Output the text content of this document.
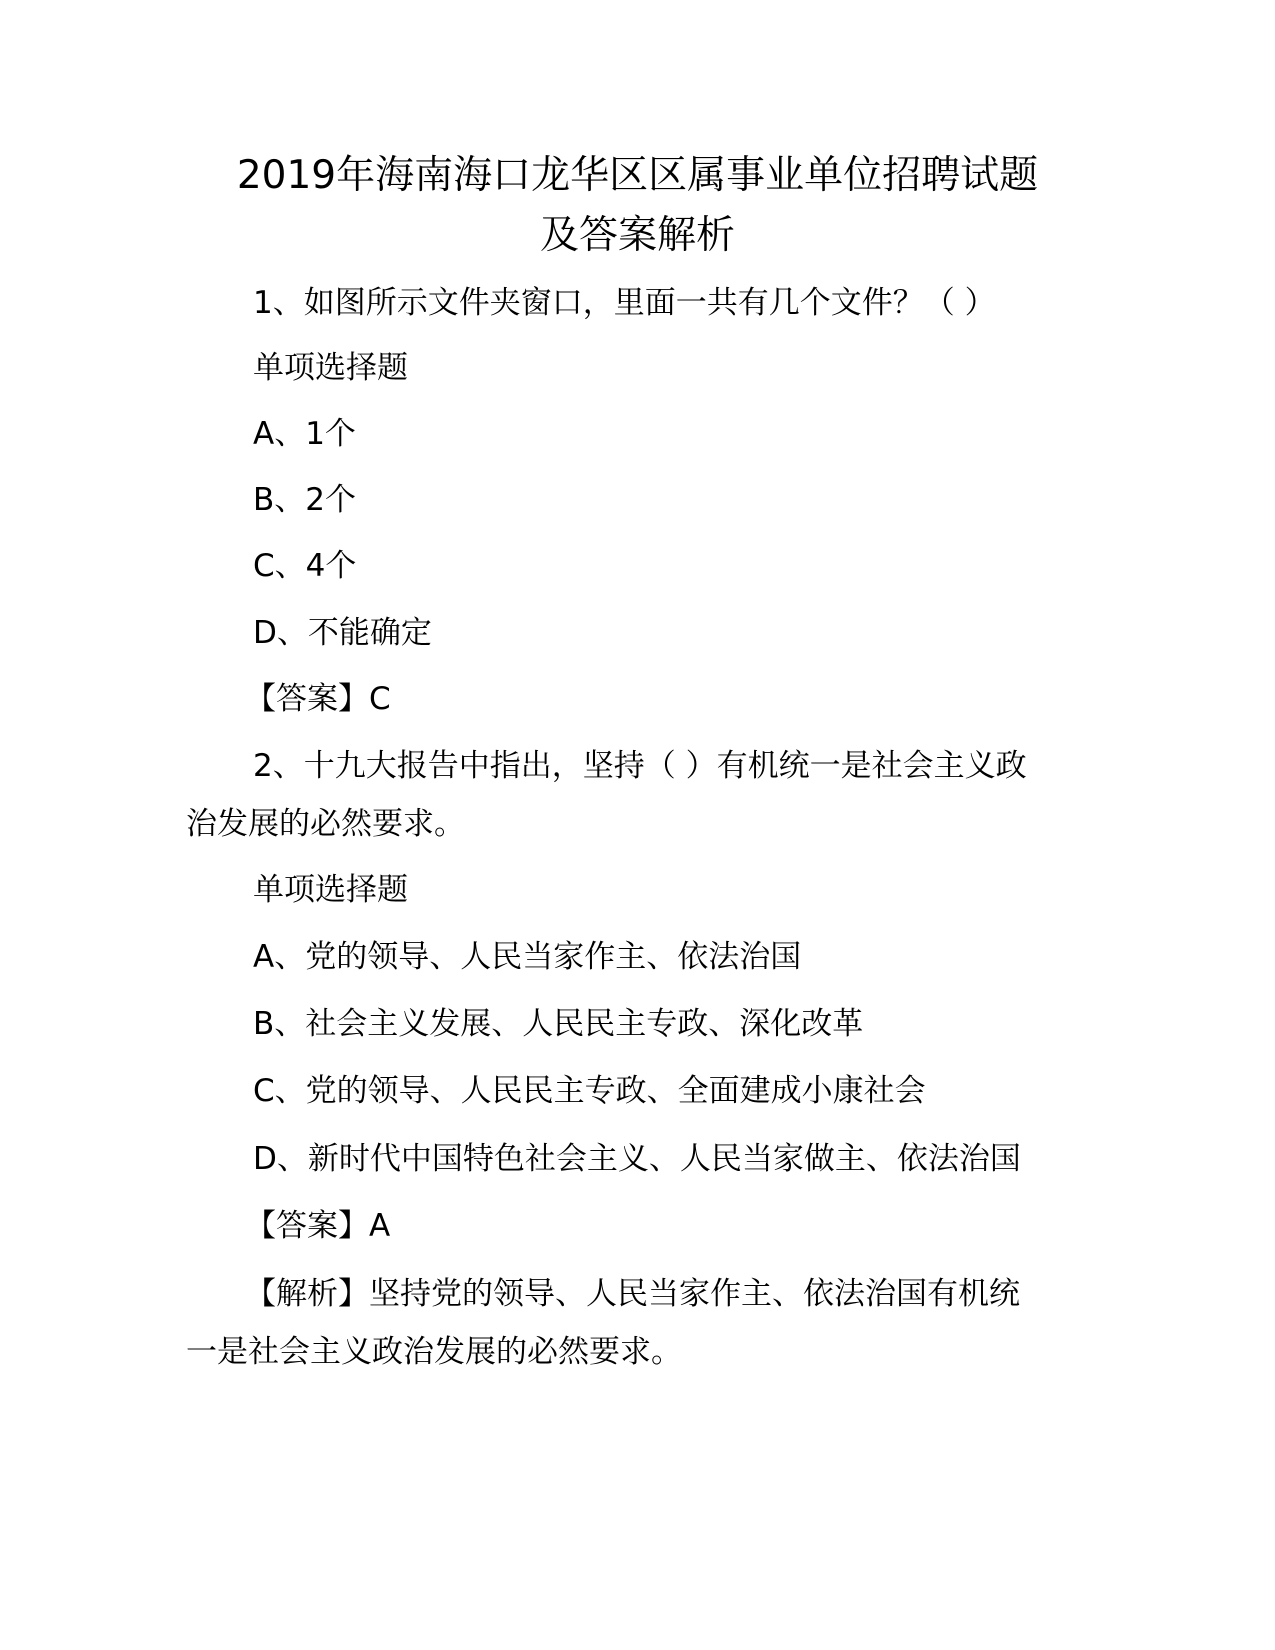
2019年海南海口龙华区区属事业单位招聘试题
及答案解析
1、如图所示文件夹窗口，里面一共有几个文件？（ ）
单项选择题
A、1个
B、2个
C、4个
D、不能确定
【答案】C
2、十九大报告中指出，坚持（ ）有机统一是社会主义政
治发展的必然要求。
单项选择题
A、党的领导、人民当家作主、依法治国
B、社会主义发展、人民民主专政、深化改革
C、党的领导、人民民主专政、全面建成小康社会
D、新时代中国特色社会主义、人民当家做主、依法治国
【答案】A
【解析】坚持党的领导、人民当家作主、依法治国有机统
一是社会主义政治发展的必然要求。
